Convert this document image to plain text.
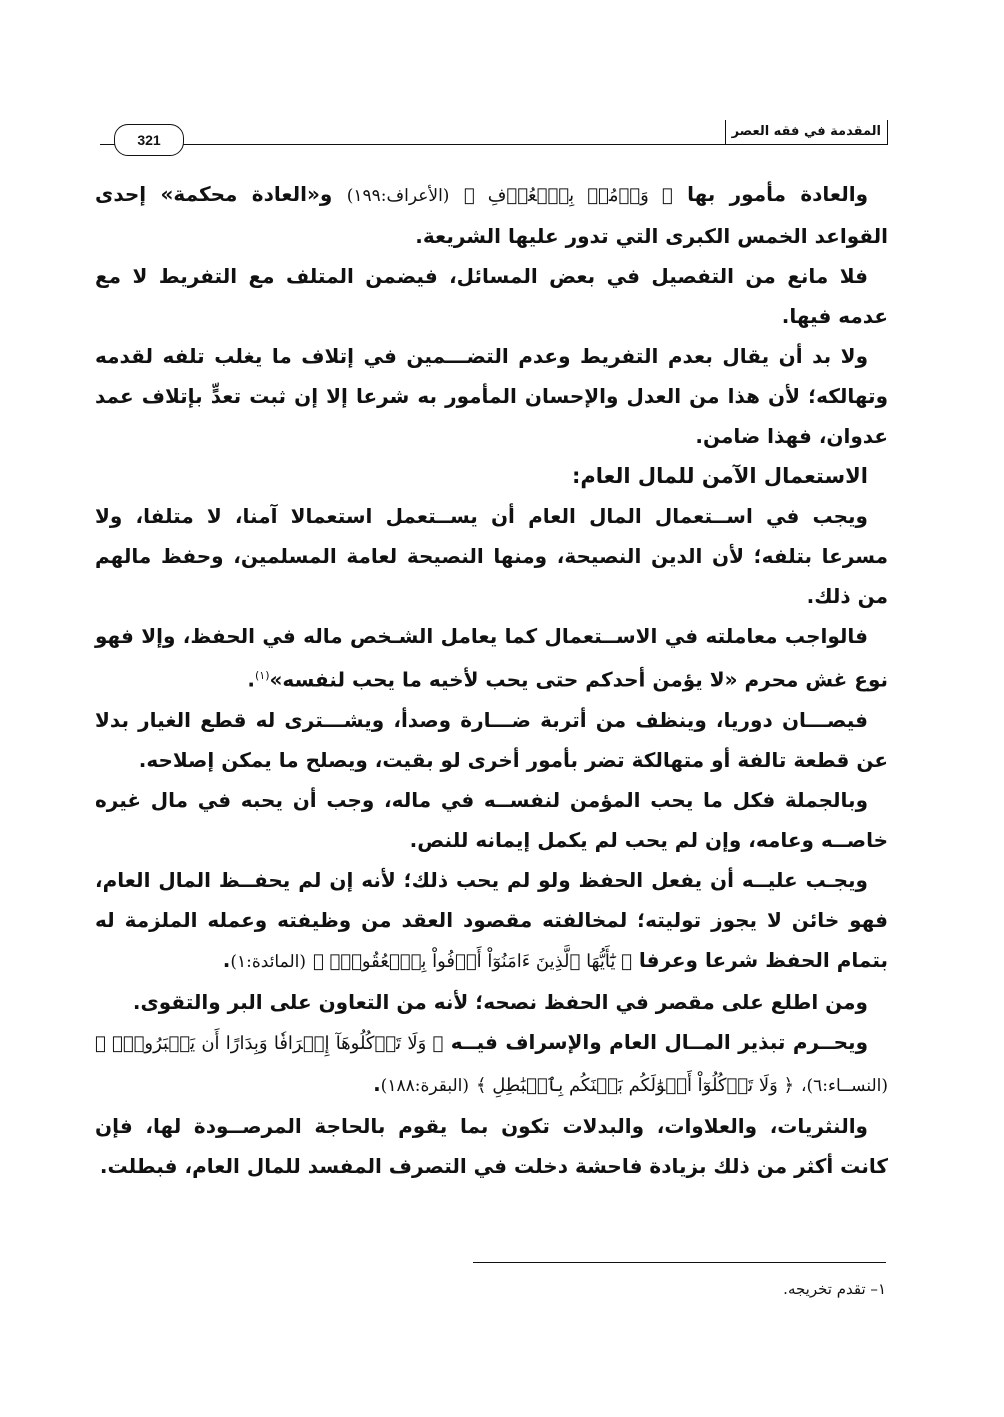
المقدمة في فقه العصر
321

والعادة مأمور بها ﴿ وَأۡمُرۡ بِٱلۡعُرۡفِ ﴾ (الأعراف:١٩٩) و«العادة محكمة» إحدى القواعد الخمس الكبرى التي تدور عليها الشريعة.

فلا مانع من التفصيل في بعض المسائل، فيضمن المتلف مع التفريط لا مع عدمه فيها.

ولا بد أن يقال بعدم التفريط وعدم التضـــمين في إتلاف ما يغلب تلفه لقدمه وتهالكه؛ لأن هذا من العدل والإحسان المأمور به شرعا إلا إن ثبت تعدٍّ بإتلاف عمد عدوان، فهذا ضامن.

الاستعمال الآمن للمال العام:

ويجب في اســتعمال المال العام أن يســتعمل استعمالا آمنا، لا متلفا، ولا مسرعا بتلفه؛ لأن الدين النصيحة، ومنها النصيحة لعامة المسلمين، وحفظ مالهم من ذلك.

فالواجب معاملته في الاســتعمال كما يعامل الشـخص ماله في الحفظ، وإلا فهو نوع غش محرم «لا يؤمن أحدكم حتى يحب لأخيه ما يحب لنفسه»$^{(١)}$.

فيصـــان دوريا، وينظف من أتربة ضـــارة وصدأ، ويشـــترى له قطع الغيار بدلا عن قطعة تالفة أو متهالكة تضر بأمور أخرى لو بقيت، ويصلح ما يمكن إصلاحه.

وبالجملة فكل ما يحب المؤمن لنفســه في ماله، وجب أن يحبه في مال غيره خاصــه وعامه، وإن لم يحب لم يكمل إيمانه للنص.

ويجـب عليــه أن يفعل الحفظ ولو لم يحب ذلك؛ لأنه إن لم يحفــظ المال العام، فهو خائن لا يجوز توليته؛ لمخالفته مقصود العقد من وظيفته وعمله الملزمة له بتمام الحفظ شرعا وعرفا ﴿ يَٰٓأَيُّهَا ٱلَّذِينَ ءَامَنُوٓاْ أَوۡفُواْ بِٱلۡعُقُودِۚ ﴾ (المائدة:١).

ومن اطلع على مقصر في الحفظ نصحه؛ لأنه من التعاون على البر والتقوى.

ويحــرم تبذير المــال العام والإسراف فيــه ﴿ وَلَا تَأۡكُلُوهَآ إِسۡرَافٗا وَبِدَارًا أَن يَكۡبَرُواْۚ ﴾ (النســاء:٦)، ﴿ وَلَا تَأۡكُلُوٓاْ أَمۡوَٰلَكُم بَيۡنَكُم بِٱلۡبَٰطِلِ ﴾ (البقرة:١٨٨).

والنثريات، والعلاوات، والبدلات تكون بما يقوم بالحاجة المرصــودة لها، فإن كانت أكثر من ذلك بزيادة فاحشة دخلت في التصرف المفسد للمال العام، فبطلت.

١– تقدم تخريجه.
